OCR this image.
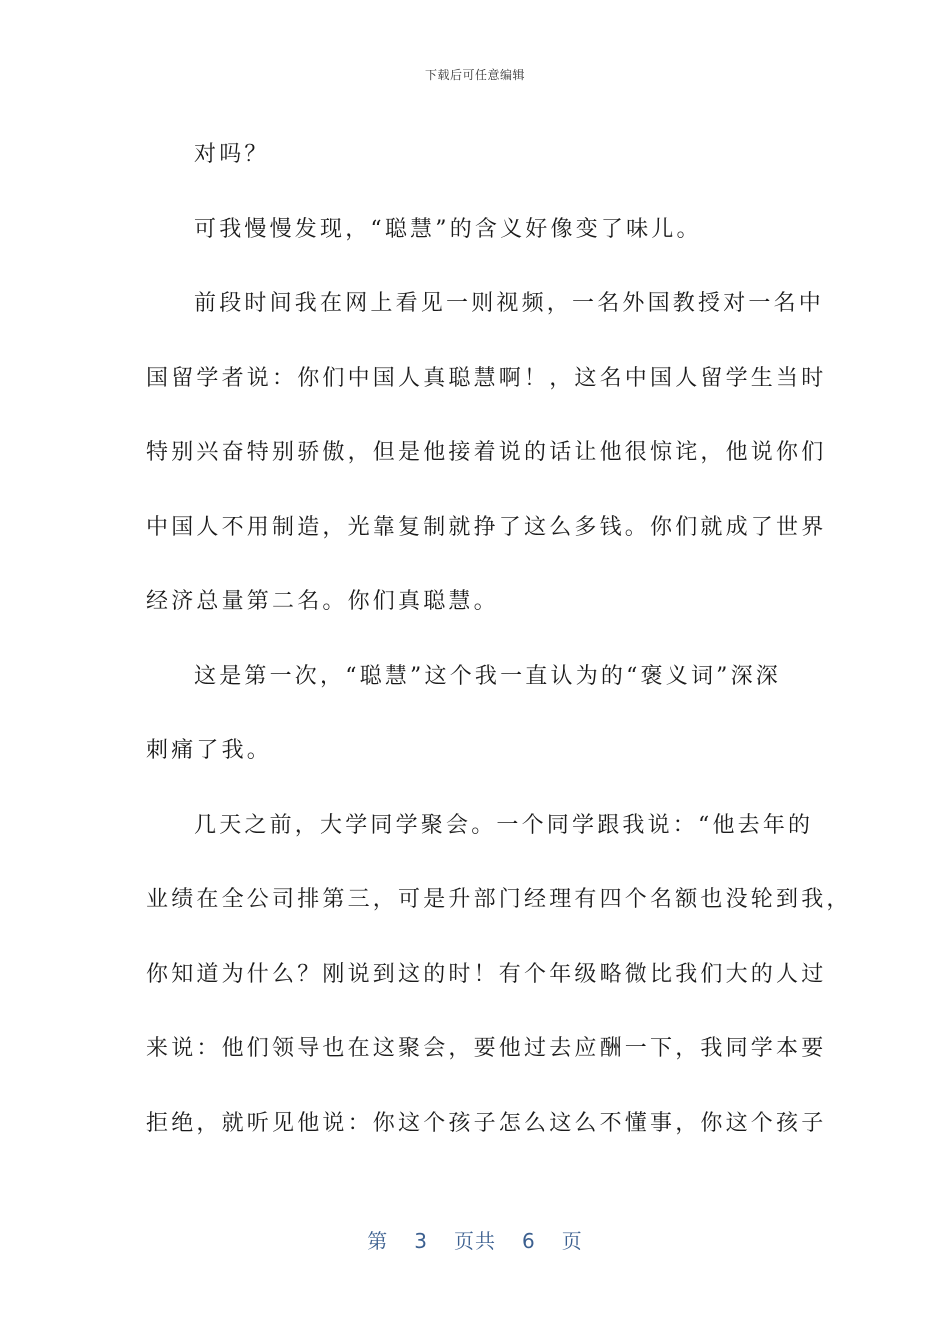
下载后可任意编辑
对吗？
可我慢慢发现，“聪慧”的含义好像变了味儿。
前段时间我在网上看见一则视频，一名外国教授对一名中
国留学者说：你们中国人真聪慧啊！，这名中国人留学生当时
特别兴奋特别骄傲，但是他接着说的话让他很惊诧，他说你们
中国人不用制造，光靠复制就挣了这么多钱。你们就成了世界
经济总量第二名。你们真聪慧。
这是第一次，“聪慧”这个我一直认为的“褒义词”深深
刺痛了我。
几天之前，大学同学聚会。一个同学跟我说：“他去年的
业绩在全公司排第三，可是升部门经理有四个名额也没轮到我，
你知道为什么？刚说到这的时！有个年级略微比我们大的人过
来说：他们领导也在这聚会，要他过去应酬一下，我同学本要
拒绝，就听见他说：你这个孩子怎么这么不懂事，你这个孩子
第 3 页共 6 页
